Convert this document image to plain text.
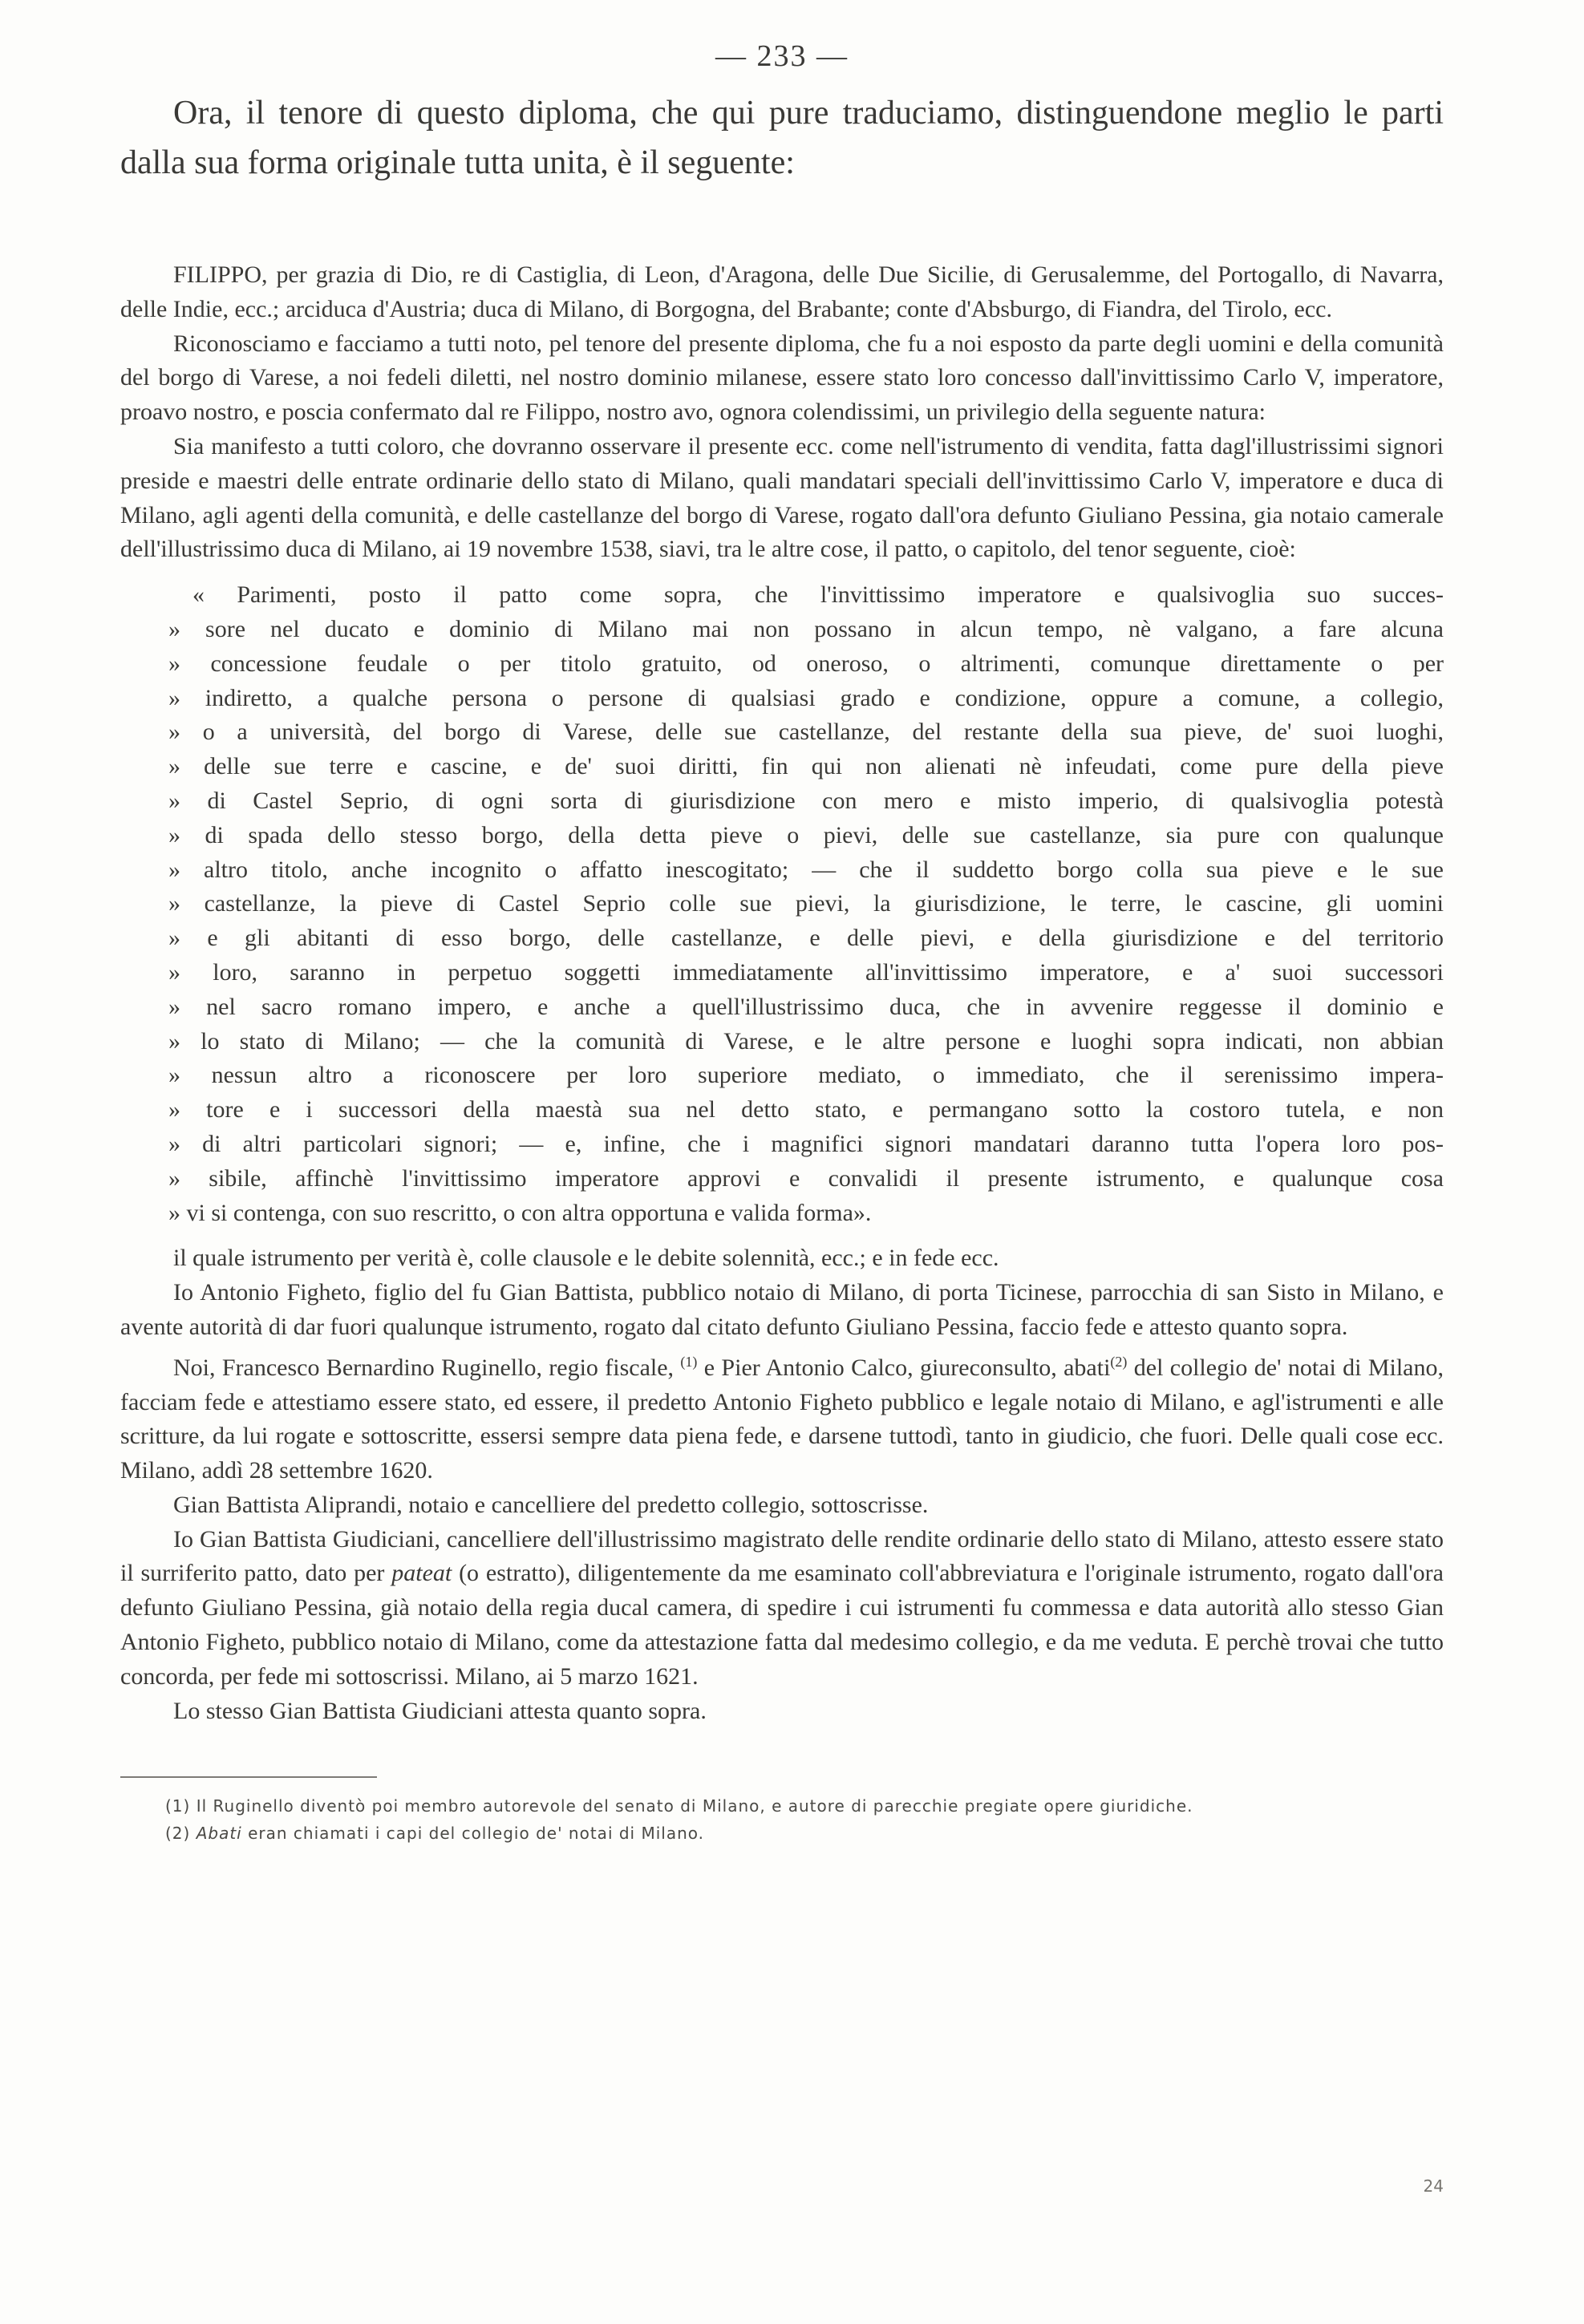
— 233 —

Ora, il tenore di questo diploma, che qui pure traduciamo, distinguendone meglio le parti dalla sua forma originale tutta unita, è il seguente:

FILIPPO, per grazia di Dio, re di Castiglia, di Leon, d'Aragona, delle Due Sicilie, di Gerusalemme, del Portogallo, di Navarra, delle Indie, ecc.; arciduca d'Austria; duca di Milano, di Borgogna, del Brabante; conte d'Absburgo, di Fiandra, del Tirolo, ecc.

Riconosciamo e facciamo a tutti noto, pel tenore del presente diploma, che fu a noi esposto da parte degli uomini e della comunità del borgo di Varese, a noi fedeli diletti, nel nostro dominio milanese, essere stato loro concesso dall'invittissimo Carlo V, imperatore, proavo nostro, e poscia confermato dal re Filippo, nostro avo, ognora colendissimi, un privilegio della seguente natura:

Sia manifesto a tutti coloro, che dovranno osservare il presente ecc. come nell'istrumento di vendita, fatta dagl'illustrissimi signori preside e maestri delle entrate ordinarie dello stato di Milano, quali mandatari speciali dell'invittissimo Carlo V, imperatore e duca di Milano, agli agenti della comunità, e delle castellanze del borgo di Varese, rogato dall'ora defunto Giuliano Pessina, gia notaio camerale dell'illustrissimo duca di Milano, ai 19 novembre 1538, siavi, tra le altre cose, il patto, o capitolo, del tenor seguente, cioè:

« Parimenti, posto il patto come sopra, che l'invittissimo imperatore e qualsivoglia suo succes-
» sore nel ducato e dominio di Milano mai non possano in alcun tempo, nè valgano, a fare alcuna
» concessione feudale o per titolo gratuito, od oneroso, o altrimenti, comunque direttamente o per
» indiretto, a qualche persona o persone di qualsiasi grado e condizione, oppure a comune, a collegio,
» o a università, del borgo di Varese, delle sue castellanze, del restante della sua pieve, de' suoi luoghi,
» delle sue terre e cascine, e de' suoi diritti, fin qui non alienati nè infeudati, come pure della pieve
» di Castel Seprio, di ogni sorta di giurisdizione con mero e misto imperio, di qualsivoglia potestà
» di spada dello stesso borgo, della detta pieve o pievi, delle sue castellanze, sia pure con qualunque
» altro titolo, anche incognito o affatto inescogitato; — che il suddetto borgo colla sua pieve e le sue
» castellanze, la pieve di Castel Seprio colle sue pievi, la giurisdizione, le terre, le cascine, gli uomini
» e gli abitanti di esso borgo, delle castellanze, e delle pievi, e della giurisdizione e del territorio
» loro, saranno in perpetuo soggetti immediatamente all'invittissimo imperatore, e a' suoi successori
» nel sacro romano impero, e anche a quell'illustrissimo duca, che in avvenire reggesse il dominio e
» lo stato di Milano; — che la comunità di Varese, e le altre persone e luoghi sopra indicati, non abbian
» nessun altro a riconoscere per loro superiore mediato, o immediato, che il serenissimo impera-
» tore e i successori della maestà sua nel detto stato, e permangano sotto la costoro tutela, e non
» di altri particolari signori; — e, infine, che i magnifici signori mandatari daranno tutta l'opera loro pos-
» sibile, affinchè l'invittissimo imperatore approvi e convalidi il presente istrumento, e qualunque cosa
» vi si contenga, con suo rescritto, o con altra opportuna e valida forma».

il quale istrumento per verità è, colle clausole e le debite solennità, ecc.; e in fede ecc.

Io Antonio Figheto, figlio del fu Gian Battista, pubblico notaio di Milano, di porta Ticinese, parrocchia di san Sisto in Milano, e avente autorità di dar fuori qualunque istrumento, rogato dal citato defunto Giuliano Pessina, faccio fede e attesto quanto sopra.

Noi, Francesco Bernardino Ruginello, regio fiscale, $^{(1)}$ e Pier Antonio Calco, giureconsulto, abati$^{(2)}$ del collegio de' notai di Milano, facciam fede e attestiamo essere stato, ed essere, il predetto Antonio Figheto pubblico e legale notaio di Milano, e agl'istrumenti e alle scritture, da lui rogate e sottoscritte, essersi sempre data piena fede, e darsene tuttodì, tanto in giudicio, che fuori. Delle quali cose ecc. Milano, addì 28 settembre 1620.

Gian Battista Aliprandi, notaio e cancelliere del predetto collegio, sottoscrisse.

Io Gian Battista Giudiciani, cancelliere dell'illustrissimo magistrato delle rendite ordinarie dello stato di Milano, attesto essere stato il surriferito patto, dato per pateat (o estratto), diligentemente da me esaminato coll'abbreviatura e l'originale istrumento, rogato dall'ora defunto Giuliano Pessina, già notaio della regia ducal camera, di spedire i cui istrumenti fu commessa e data autorità allo stesso Gian Antonio Figheto, pubblico notaio di Milano, come da attestazione fatta dal medesimo collegio, e da me veduta. E perchè trovai che tutto concorda, per fede mi sottoscrissi. Milano, ai 5 marzo 1621.

Lo stesso Gian Battista Giudiciani attesta quanto sopra.

(1) Il Ruginello diventò poi membro autorevole del senato di Milano, e autore di parecchie pregiate opere giuridiche.
(2) Abati eran chiamati i capi del collegio de' notai di Milano.
24
